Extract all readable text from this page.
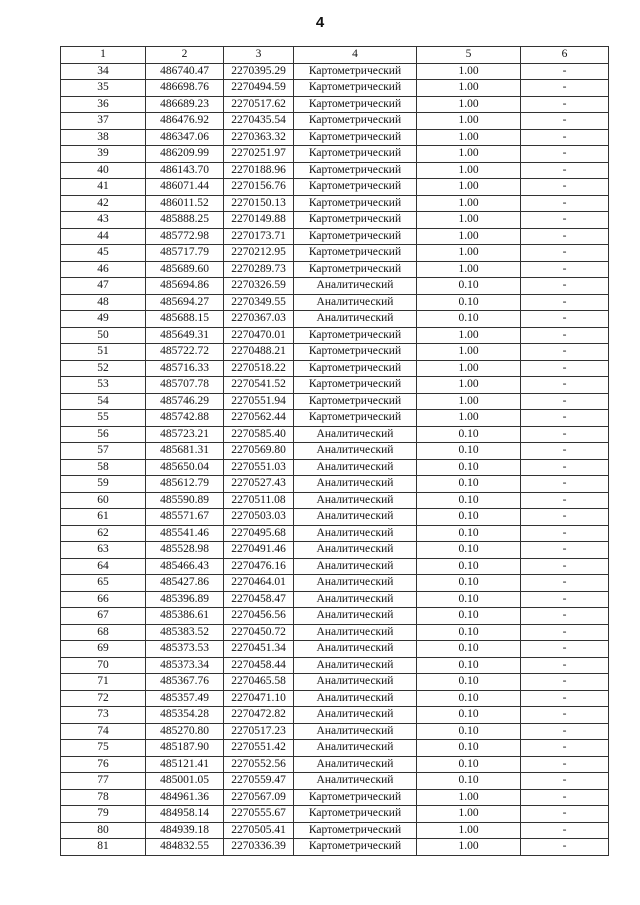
4
1	2	3	4	5	6
34	486740.47	2270395.29	Картометрический	1.00	-
35	486698.76	2270494.59	Картометрический	1.00	-
36	486689.23	2270517.62	Картометрический	1.00	-
37	486476.92	2270435.54	Картометрический	1.00	-
38	486347.06	2270363.32	Картометрический	1.00	-
39	486209.99	2270251.97	Картометрический	1.00	-
40	486143.70	2270188.96	Картометрический	1.00	-
41	486071.44	2270156.76	Картометрический	1.00	-
42	486011.52	2270150.13	Картометрический	1.00	-
43	485888.25	2270149.88	Картометрический	1.00	-
44	485772.98	2270173.71	Картометрический	1.00	-
45	485717.79	2270212.95	Картометрический	1.00	-
46	485689.60	2270289.73	Картометрический	1.00	-
47	485694.86	2270326.59	Аналитический	0.10	-
48	485694.27	2270349.55	Аналитический	0.10	-
49	485688.15	2270367.03	Аналитический	0.10	-
50	485649.31	2270470.01	Картометрический	1.00	-
51	485722.72	2270488.21	Картометрический	1.00	-
52	485716.33	2270518.22	Картометрический	1.00	-
53	485707.78	2270541.52	Картометрический	1.00	-
54	485746.29	2270551.94	Картометрический	1.00	-
55	485742.88	2270562.44	Картометрический	1.00	-
56	485723.21	2270585.40	Аналитический	0.10	-
57	485681.31	2270569.80	Аналитический	0.10	-
58	485650.04	2270551.03	Аналитический	0.10	-
59	485612.79	2270527.43	Аналитический	0.10	-
60	485590.89	2270511.08	Аналитический	0.10	-
61	485571.67	2270503.03	Аналитический	0.10	-
62	485541.46	2270495.68	Аналитический	0.10	-
63	485528.98	2270491.46	Аналитический	0.10	-
64	485466.43	2270476.16	Аналитический	0.10	-
65	485427.86	2270464.01	Аналитический	0.10	-
66	485396.89	2270458.47	Аналитический	0.10	-
67	485386.61	2270456.56	Аналитический	0.10	-
68	485383.52	2270450.72	Аналитический	0.10	-
69	485373.53	2270451.34	Аналитический	0.10	-
70	485373.34	2270458.44	Аналитический	0.10	-
71	485367.76	2270465.58	Аналитический	0.10	-
72	485357.49	2270471.10	Аналитический	0.10	-
73	485354.28	2270472.82	Аналитический	0.10	-
74	485270.80	2270517.23	Аналитический	0.10	-
75	485187.90	2270551.42	Аналитический	0.10	-
76	485121.41	2270552.56	Аналитический	0.10	-
77	485001.05	2270559.47	Аналитический	0.10	-
78	484961.36	2270567.09	Картометрический	1.00	-
79	484958.14	2270555.67	Картометрический	1.00	-
80	484939.18	2270505.41	Картометрический	1.00	-
81	484832.55	2270336.39	Картометрический	1.00	-
